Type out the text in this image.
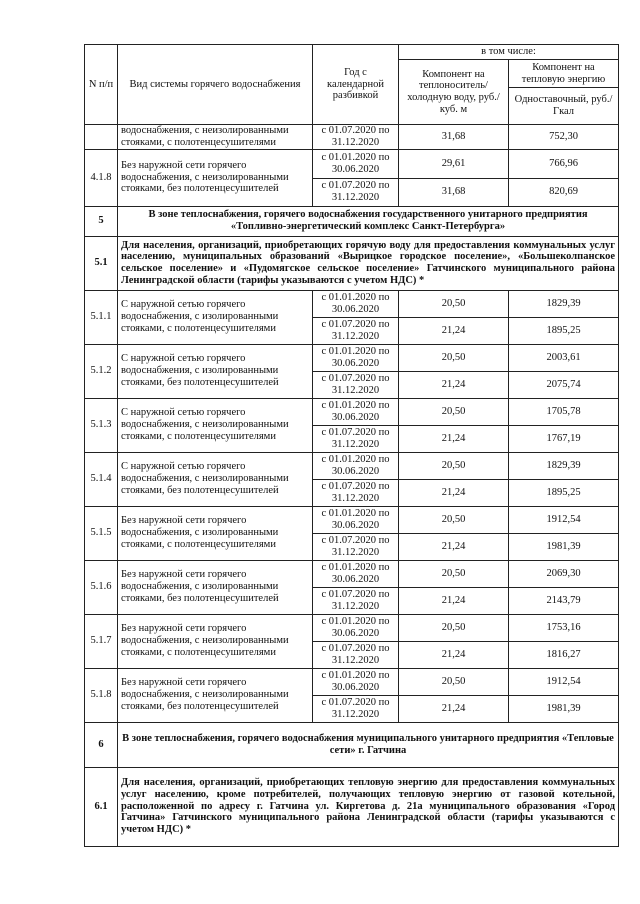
N п/п	Вид системы горячего водоснабжения	Год с календарной разбивкой	в том числе:	
			Компонент на теплоноситель/ холодную воду, руб./куб. м	Компонент на тепловую энергию
				Одноставочный, руб./Гкал
	водоснабжения, с неизолированными стояками, с полотенцесушителями	с 01.07.2020 по 31.12.2020	31,68	752,30
4.1.8	Без наружной сети горячего водоснабжения, с неизолированными стояками, без полотенцесушителей	с 01.01.2020 по 30.06.2020	29,61	766,96
		с 01.07.2020 по 31.12.2020	31,68	820,69
5	В зоне теплоснабжения, горячего водоснабжения государственного унитарного предприятия «Топливно-энергетический комплекс Санкт-Петербурга»			
5.1	Для населения, организаций, приобретающих горячую воду для предоставления коммунальных услуг населению, муниципальных образований «Вырицкое городское поселение», «Большеколпанское сельское поселение» и «Пудомягское сельское поселение» Гатчинского муниципального района Ленинградской области (тарифы указываются с учетом НДС) *			
5.1.1	С наружной сетью горячего водоснабжения, с изолированными стояками, с полотенцесушителями	с 01.01.2020 по 30.06.2020	20,50	1829,39
		с 01.07.2020 по 31.12.2020	21,24	1895,25
5.1.2	С наружной сетью горячего водоснабжения, с изолированными стояками, без полотенцесушителей	с 01.01.2020 по 30.06.2020	20,50	2003,61
		с 01.07.2020 по 31.12.2020	21,24	2075,74
5.1.3	С наружной сетью горячего водоснабжения, с неизолированными стояками, с полотенцесушителями	с 01.01.2020 по 30.06.2020	20,50	1705,78
		с 01.07.2020 по 31.12.2020	21,24	1767,19
5.1.4	С наружной сетью горячего водоснабжения, с неизолированными стояками, без полотенцесушителей	с 01.01.2020 по 30.06.2020	20,50	1829,39
		с 01.07.2020 по 31.12.2020	21,24	1895,25
5.1.5	Без наружной сети горячего водоснабжения, с изолированными стояками, с полотенцесушителями	с 01.01.2020 по 30.06.2020	20,50	1912,54
		с 01.07.2020 по 31.12.2020	21,24	1981,39
5.1.6	Без наружной сети горячего водоснабжения, с изолированными стояками, без полотенцесушителей	с 01.01.2020 по 30.06.2020	20,50	2069,30
		с 01.07.2020 по 31.12.2020	21,24	2143,79
5.1.7	Без наружной сети горячего водоснабжения, с неизолированными стояками, с полотенцесушителями	с 01.01.2020 по 30.06.2020	20,50	1753,16
		с 01.07.2020 по 31.12.2020	21,24	1816,27
5.1.8	Без наружной сети горячего водоснабжения, с неизолированными стояками, без полотенцесушителей	с 01.01.2020 по 30.06.2020	20,50	1912,54
		с 01.07.2020 по 31.12.2020	21,24	1981,39
6	В зоне теплоснабжения, горячего водоснабжения муниципального унитарного предприятия «Тепловые сети» г. Гатчина			
6.1	Для населения, организаций, приобретающих тепловую энергию для предоставления коммунальных услуг населению, кроме потребителей, получающих тепловую энергию от газовой котельной, расположенной по адресу г. Гатчина ул. Киргетова д. 21а муниципального образования «Город Гатчина» Гатчинского муниципального района Ленинградской области (тарифы указываются с учетом НДС) *			
